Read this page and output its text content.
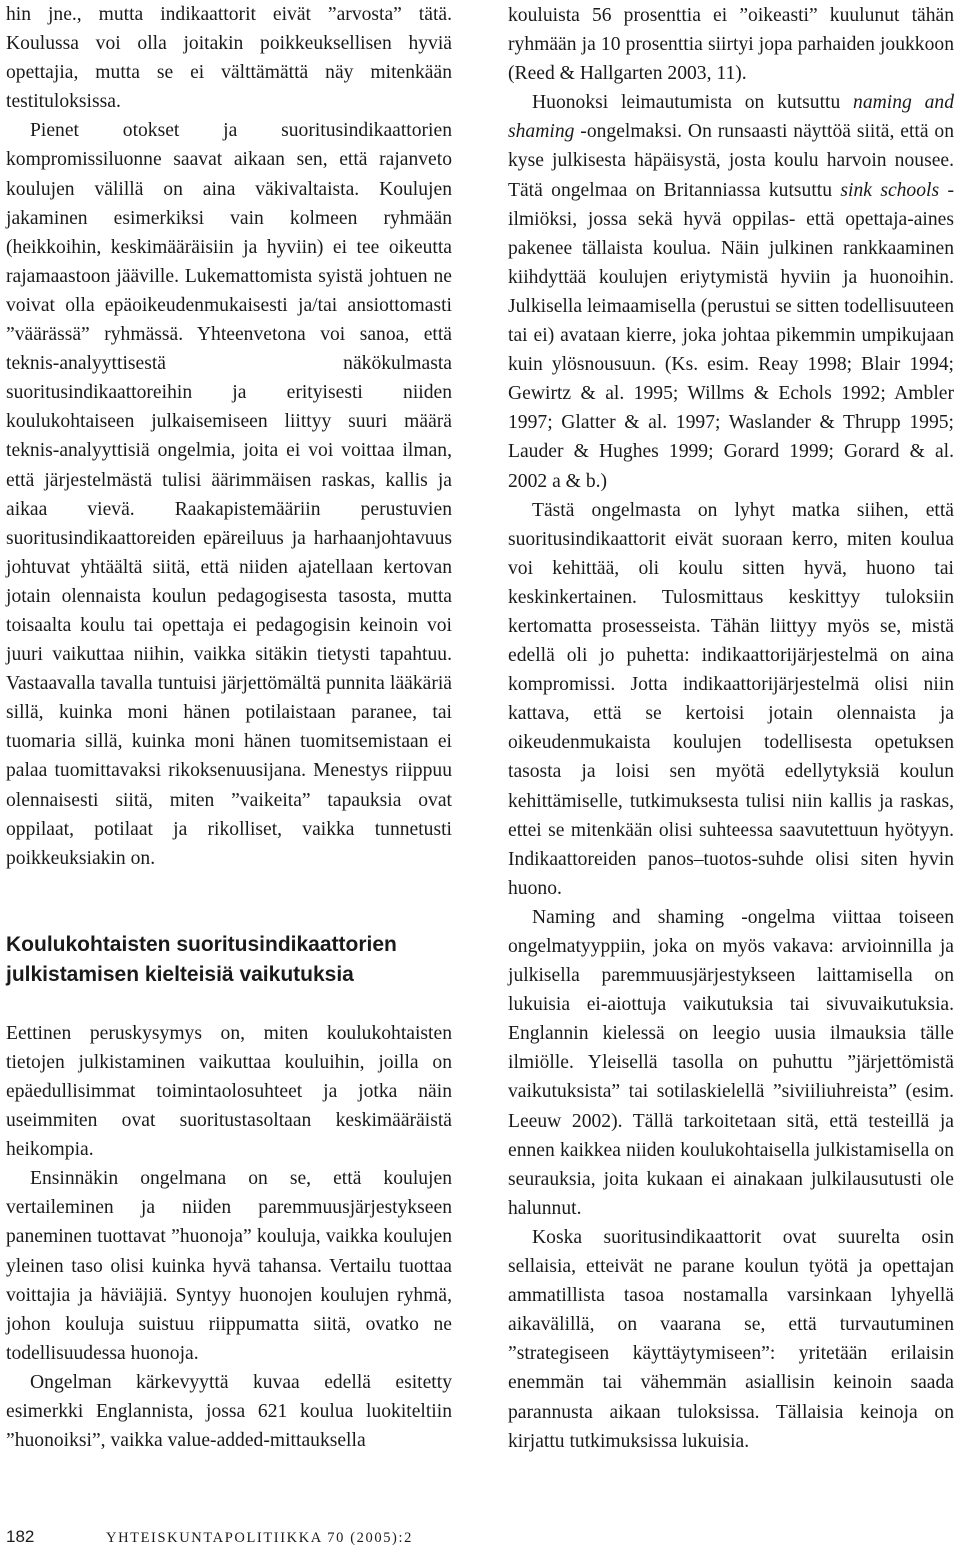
hin jne., mutta indikaattorit eivät ”arvosta” tätä. Koulussa voi olla joitakin poikkeuksellisen hyviä opettajia, mutta se ei välttämättä näy mitenkään testituloksissa.

Pienet otokset ja suoritusindikaattorien kompromissiluonne saavat aikaan sen, että rajanveto koulujen välillä on aina väkivaltaista. Koulujen jakaminen esimerkiksi vain kolmeen ryhmään (heikkoihin, keskimääräisiin ja hyviin) ei tee oikeutta rajamaastoon jääville. Lukemattomista syistä johtuen ne voivat olla epäoikeudenmukaisesti ja/tai ansiottomasti ”väärässä” ryhmässä. Yhteenvetona voi sanoa, että teknis-analyyttisestä näkökulmasta suoritusindikaattoreihin ja erityisesti niiden koulukohtaiseen julkaisemiseen liittyy suuri määrä teknis-analyyttisiä ongelmia, joita ei voi voittaa ilman, että järjestelmästä tulisi äärimmäisen raskas, kallis ja aikaa vievä. Raakapistemääriin perustuvien suoritusindikaattoreiden epäreiluus ja harhaanjohtavuus johtuvat yhtäältä siitä, että niiden ajatellaan kertovan jotain olennaista koulun pedagogisesta tasosta, mutta toisaalta koulu tai opettaja ei pedagogisin keinoin voi juuri vaikuttaa niihin, vaikka sitäkin tietysti tapahtuu. Vastaavalla tavalla tuntuisi järjettömältä punnita lääkäriä sillä, kuinka moni hänen potilaistaan paranee, tai tuomaria sillä, kuinka moni hänen tuomitsemistaan ei palaa tuomittavaksi rikoksenuusijana. Menestys riippuu olennaisesti siitä, miten ”vaikeita” tapauksia ovat oppilaat, potilaat ja rikolliset, vaikka tunnetusti poikkeuksiakin on.

Koulukohtaisten suoritusindikaattorien julkistamisen kielteisiä vaikutuksia

Eettinen peruskysymys on, miten koulukohtaisten tietojen julkistaminen vaikuttaa kouluihin, joilla on epäedullisimmat toimintaolosuhteet ja jotka näin useimmiten ovat suoritustasoltaan keskimääräistä heikompia.

Ensinnäkin ongelmana on se, että koulujen vertaileminen ja niiden paremmuusjärjestykseen paneminen tuottavat ”huonoja” kouluja, vaikka koulujen yleinen taso olisi kuinka hyvä tahansa. Vertailu tuottaa voittajia ja häviäjiä. Syntyy huonojen koulujen ryhmä, johon kouluja suistuu riippumatta siitä, ovatko ne todellisuudessa huonoja.

Ongelman kärkevyyttä kuvaa edellä esitetty esimerkki Englannista, jossa 621 koulua luokiteltiin ”huonoiksi”, vaikka value-added-mittauksella

kouluista 56 prosenttia ei ”oikeasti” kuulunut tähän ryhmään ja 10 prosenttia siirtyi jopa parhaiden joukkoon (Reed & Hallgarten 2003, 11).

Huonoksi leimautumista on kutsuttu naming and shaming -ongelmaksi. On runsaasti näyttöä siitä, että on kyse julkisesta häpäisystä, josta koulu harvoin nousee. Tätä ongelmaa on Britanniassa kutsuttu sink schools -ilmiöksi, jossa sekä hyvä oppilas- että opettaja-aines pakenee tällaista koulua. Näin julkinen rankkaaminen kiihdyttää koulujen eriytymistä hyviin ja huonoihin. Julkisella leimaamisella (perustui se sitten todellisuuteen tai ei) avataan kierre, joka johtaa pikemmin umpikujaan kuin ylösnousuun. (Ks. esim. Reay 1998; Blair 1994; Gewirtz & al. 1995; Willms & Echols 1992; Ambler 1997; Glatter & al. 1997; Waslander & Thrupp 1995; Lauder & Hughes 1999; Gorard 1999; Gorard & al. 2002 a & b.)

Tästä ongelmasta on lyhyt matka siihen, että suoritusindikaattorit eivät suoraan kerro, miten koulua voi kehittää, oli koulu sitten hyvä, huono tai keskinkertainen. Tulosmittaus keskittyy tuloksiin kertomatta prosesseista. Tähän liittyy myös se, mistä edellä oli jo puhetta: indikaattorijärjestelmä on aina kompromissi. Jotta indikaattorijärjestelmä olisi niin kattava, että se kertoisi jotain olennaista ja oikeudenmukaista koulujen todellisesta opetuksen tasosta ja loisi sen myötä edellytyksiä koulun kehittämiselle, tutkimuksesta tulisi niin kallis ja raskas, ettei se mitenkään olisi suhteessa saavutettuun hyötyyn. Indikaattoreiden panos–tuotos-suhde olisi siten hyvin huono.

Naming and shaming -ongelma viittaa toiseen ongelmatyyppiin, joka on myös vakava: arvioinnilla ja julkisella paremmuusjärjestykseen laittamisella on lukuisia ei-aiottuja vaikutuksia tai sivuvaikutuksia. Englannin kielessä on leegio uusia ilmauksia tälle ilmiölle. Yleisellä tasolla on puhuttu ”järjettömistä vaikutuksista” tai sotilaskielellä ”siviiliuhreista” (esim. Leeuw 2002). Tällä tarkoitetaan sitä, että testeillä ja ennen kaikkea niiden koulukohtaisella julkistamisella on seurauksia, joita kukaan ei ainakaan julkilausutusti ole halunnut.

Koska suoritusindikaattorit ovat suurelta osin sellaisia, etteivät ne parane koulun työtä ja opettajan ammatillista tasoa nostamalla varsinkaan lyhyellä aikavälillä, on vaarana se, että turvautuminen ”strategiseen käyttäytymiseen”: yritetään erilaisin enemmän tai vähemmän asiallisin keinoin saada parannusta aikaan tuloksissa. Tällaisia keinoja on kirjattu tutkimuksissa lukuisia.

182	YHTEISKUNTAPOLITIIKKA 70 (2005):2
